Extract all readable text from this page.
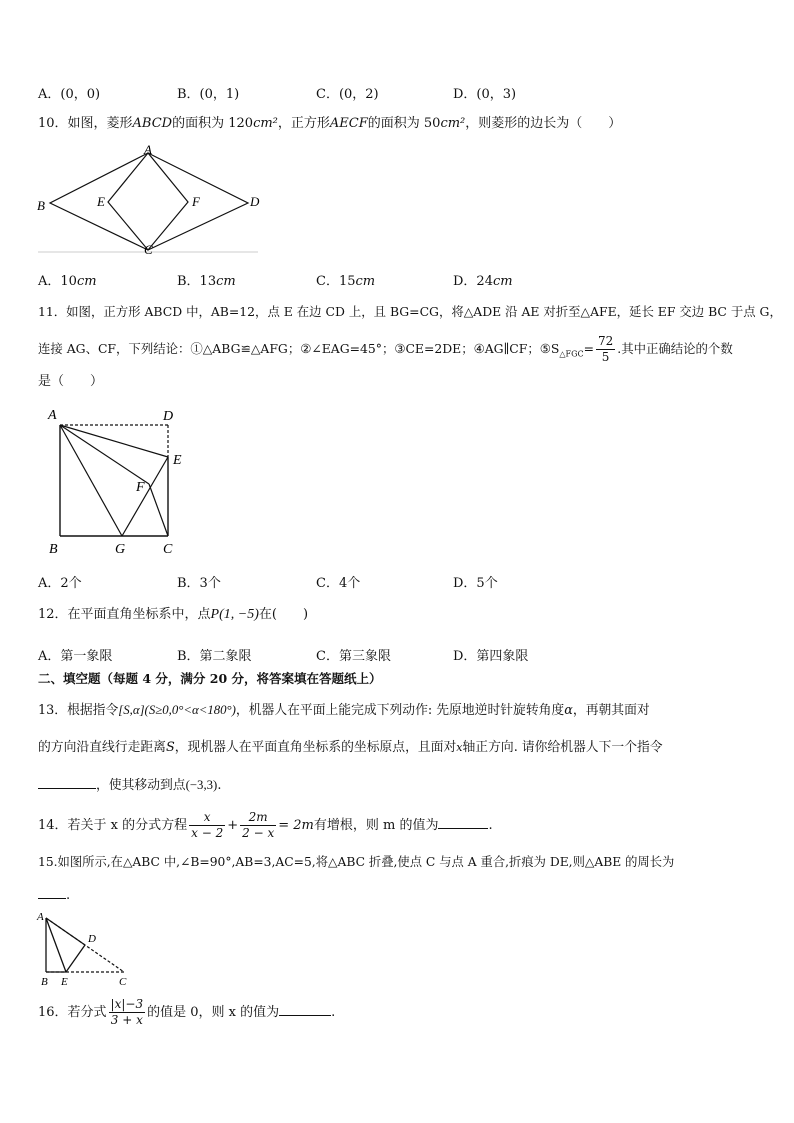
A．(0，0)	B．(0，1)	C．(0，2)	D．(0，3)
10．如图，菱形ABCD的面积为 120cm²，正方形AECF的面积为 50cm²，则菱形的边长为（　　）
A
B
C
D
E	F
A．10cm	B．13cm	C．15cm	D．24cm
11．如图，正方形 ABCD 中，AB=12，点 E 在边 CD 上，且 BG=CG，将△ADE 沿 AE 对折至△AFE，延长 EF 交边 BC 于点 G，
连接 AG、CF，下列结论：①△ABG≌△AFG；②∠EAG=45°；③CE=2DE；④AG∥CF；$⑤S_{\triangle FGC}= \frac{72}{5}$ .其中正确结论的个数
是（　　）
A	D
E
F
B	G	C
A．2个	B．3个	C．4个	D．5个
12．在平面直角坐标系中，点P(1, −5)在(　　)
A．第一象限	B．第二象限	C．第三象限	D．第四象限
二、填空题（每题 4 分，满分 20 分，将答案填在答题纸上）
13．根据指令[S,α](S≥0,0°<α<180°)，机器人在平面上能完成下列动作: 先原地逆时针旋转角度α，再朝其面对
的方向沿直线行走距离S，现机器人在平面直角坐标系的坐标原点，且面对x轴正方向. 请你给机器人下一个指令
，使其移动到点(−3,3).
14．若关于 x 的分式方程 $\frac{x}{x - 2} + \frac{2m}{2 - x} = 2m$有增根，则 m 的值为	.
15.如图所示,在△ABC 中,∠B=90°,AB=3,AC=5,将△ABC 折叠,使点 C 与点 A 重合,折痕为 DE,则△ABE 的周长为
.
A
D
B E	C
16．若分式 $\frac{|x|-3}{3 + x}$ 的值是 0，则 x 的值为	.
